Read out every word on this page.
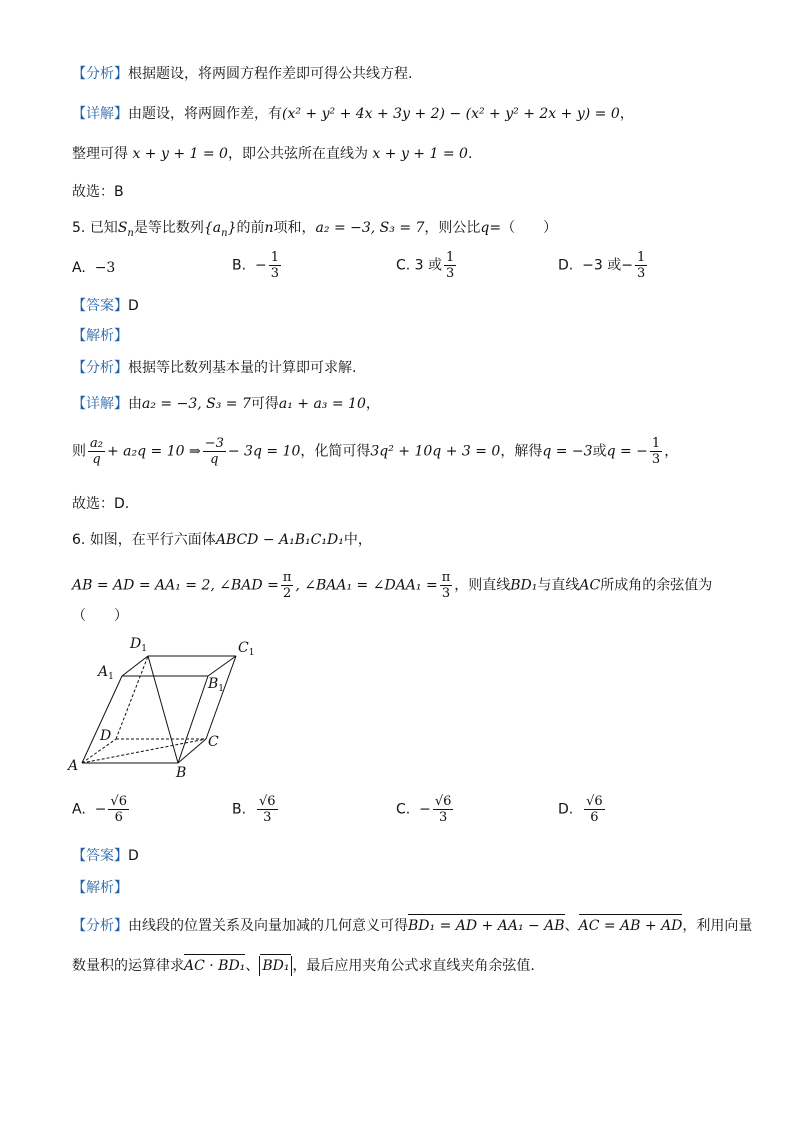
【分析】根据题设，将两圆方程作差即可得公共线方程.
【详解】由题设，将两圆作差，有(x² + y² + 4x + 3y + 2) − (x² + y² + 2x + y) = 0，
整理可得 x + y + 1 = 0，即公共弦所在直线为 x + y + 1 = 0.
故选：B
5. 已知$S_n$是等比数列$\{a_n\}$的前n项和，a₂ = −3, S₃ = 7，则公比q=（　　）
A. −3	B. − $\frac{1}{3}$	C. 3 或 $\frac{1}{3}$	D. −3 或− $\frac{1}{3}$
【答案】D
【解析】
【分析】根据等比数列基本量的计算即可求解.
【详解】由a₂ = −3, S₃ = 7可得a₁ + a₃ = 10，
则 $\frac{\text{a₂}}{q} + a_2q = 10$ ⇒ $\frac{-3}{q} - 3q = 10$，化简可得3q² + 10q + 3 = 0，解得q = −3或q = − $\frac{1}{3}$ ，
故选：D.
6. 如图，在平行六面体ABCD − A₁B₁C₁D₁中，
AB = AD = AA₁ = 2, ∠BAD = $\frac{\pi}{2}$ , ∠BAA₁ = ∠DAA₁ = $\frac{\pi}{3}$ ，则直线BD₁与直线AC所成角的余弦值为
（　　）
A	B
C
D
$A_1$	$B_1$
$C_1$
$D_1$
A. − $\frac{√6}{6}$	B. $\frac{√6}{3}$	C. − $\frac{√6}{3}$	D. $\frac{√6}{6}$
【答案】D
【解析】
【分析】由线段的位置关系及向量加减的几何意义可得BD₁ = AD + AA₁ − AB、AC = AB + AD，利用向量
数量积的运算律求AC · BD₁、 BD₁ ，最后应用夹角公式求直线夹角余弦值.
